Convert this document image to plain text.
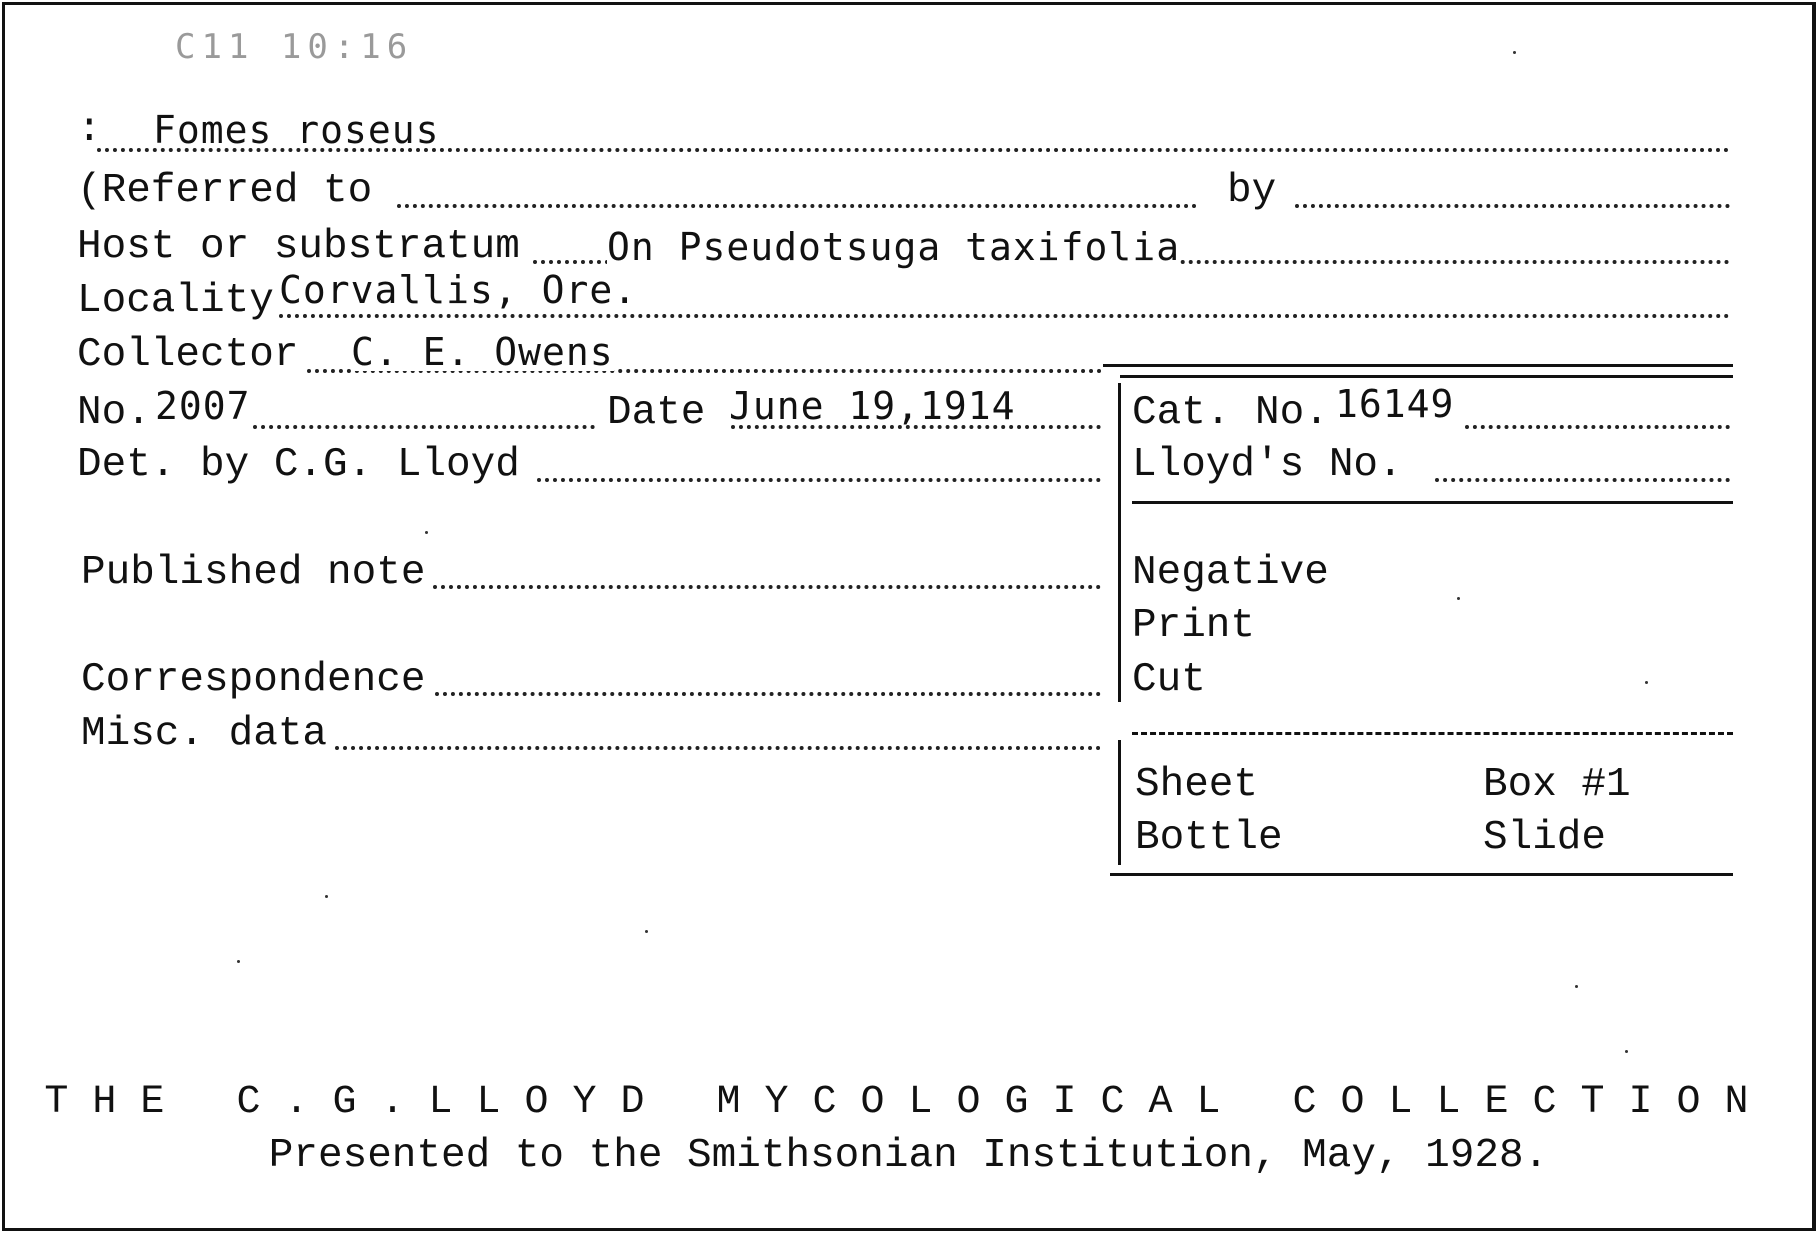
C11 10:16
: Fomes roseus
(Referred to	by
Host or substratum On Pseudotsuga taxifolia
Locality Corvallis, Ore.
Collector C. E. Owens
No. 2007	Date June 19,1914	Cat. No. 16149
Det. by C.G. Lloyd	Lloyd's No.
Published note	Negative
Print
Correspondence	Cut
Misc. data
Sheet	Box #1
Bottle	Slide
THE C.G.LLOYD MYCOLOGICAL COLLECTION
Presented to the Smithsonian Institution, May, 1928.
